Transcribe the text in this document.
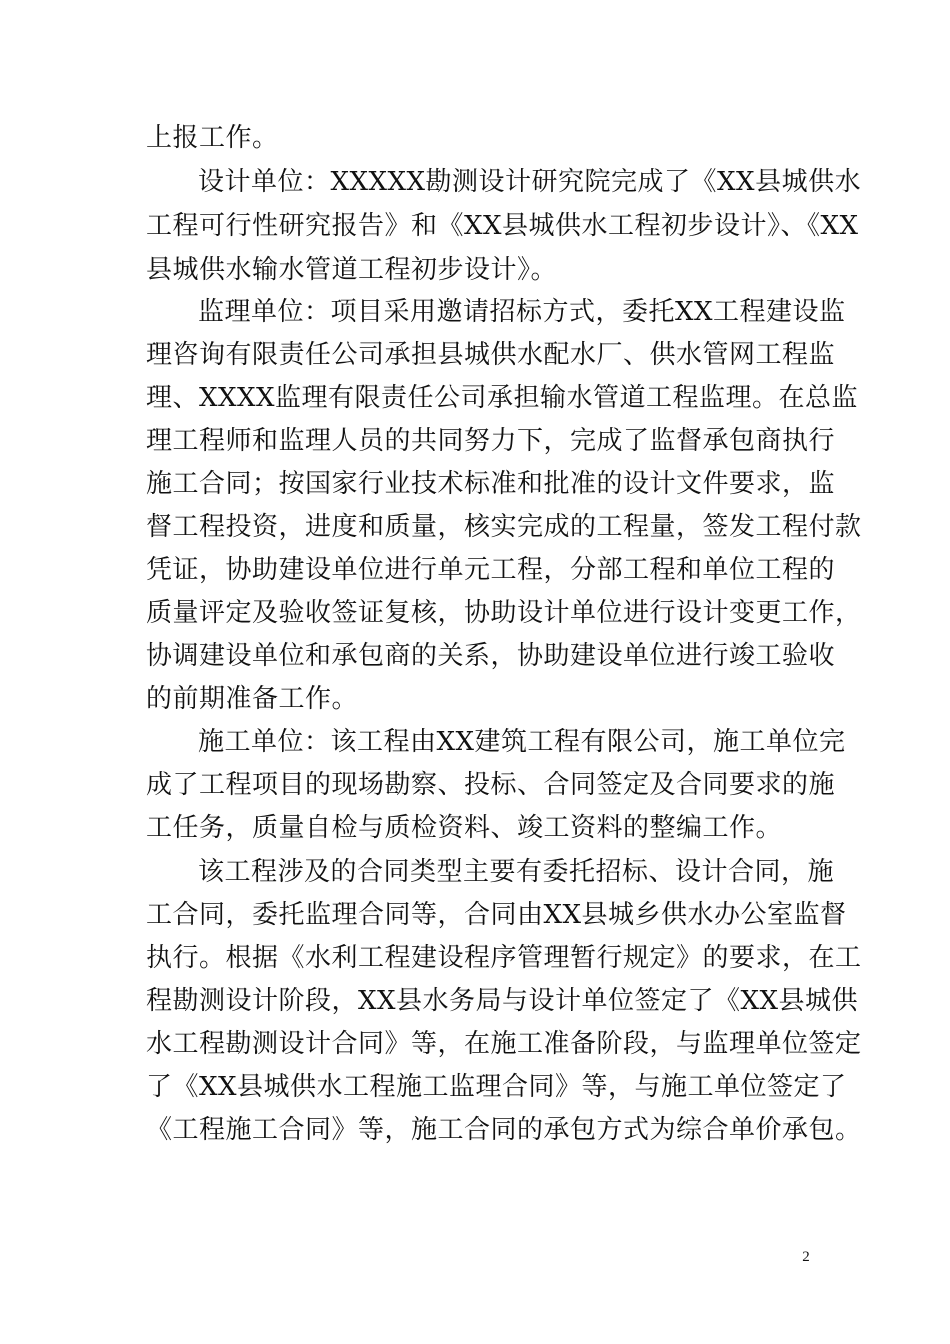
上报工作。
设计单位：XXXXX勘测设计研究院完成了《XX县城供水
工程可行性研究报告》和《XX县城供水工程初步设计》、《XX
县城供水输水管道工程初步设计》。
监理单位：项目采用邀请招标方式，委托XX工程建设监
理咨询有限责任公司承担县城供水配水厂、供水管网工程监
理、XXXX监理有限责任公司承担输水管道工程监理。在总监
理工程师和监理人员的共同努力下，完成了监督承包商执行
施工合同；按国家行业技术标准和批准的设计文件要求，监
督工程投资，进度和质量，核实完成的工程量，签发工程付款
凭证，协助建设单位进行单元工程，分部工程和单位工程的
质量评定及验收签证复核，协助设计单位进行设计变更工作，
协调建设单位和承包商的关系，协助建设单位进行竣工验收
的前期准备工作。
施工单位：该工程由XX建筑工程有限公司，施工单位完
成了工程项目的现场勘察、投标、合同签定及合同要求的施
工任务，质量自检与质检资料、竣工资料的整编工作。
该工程涉及的合同类型主要有委托招标、设计合同，施
工合同，委托监理合同等，合同由XX县城乡供水办公室监督
执行。根据《水利工程建设程序管理暂行规定》的要求，在工
程勘测设计阶段，XX县水务局与设计单位签定了《XX县城供
水工程勘测设计合同》等，在施工准备阶段，与监理单位签定
了《XX县城供水工程施工监理合同》等，与施工单位签定了
《工程施工合同》等，施工合同的承包方式为综合单价承包。
2
